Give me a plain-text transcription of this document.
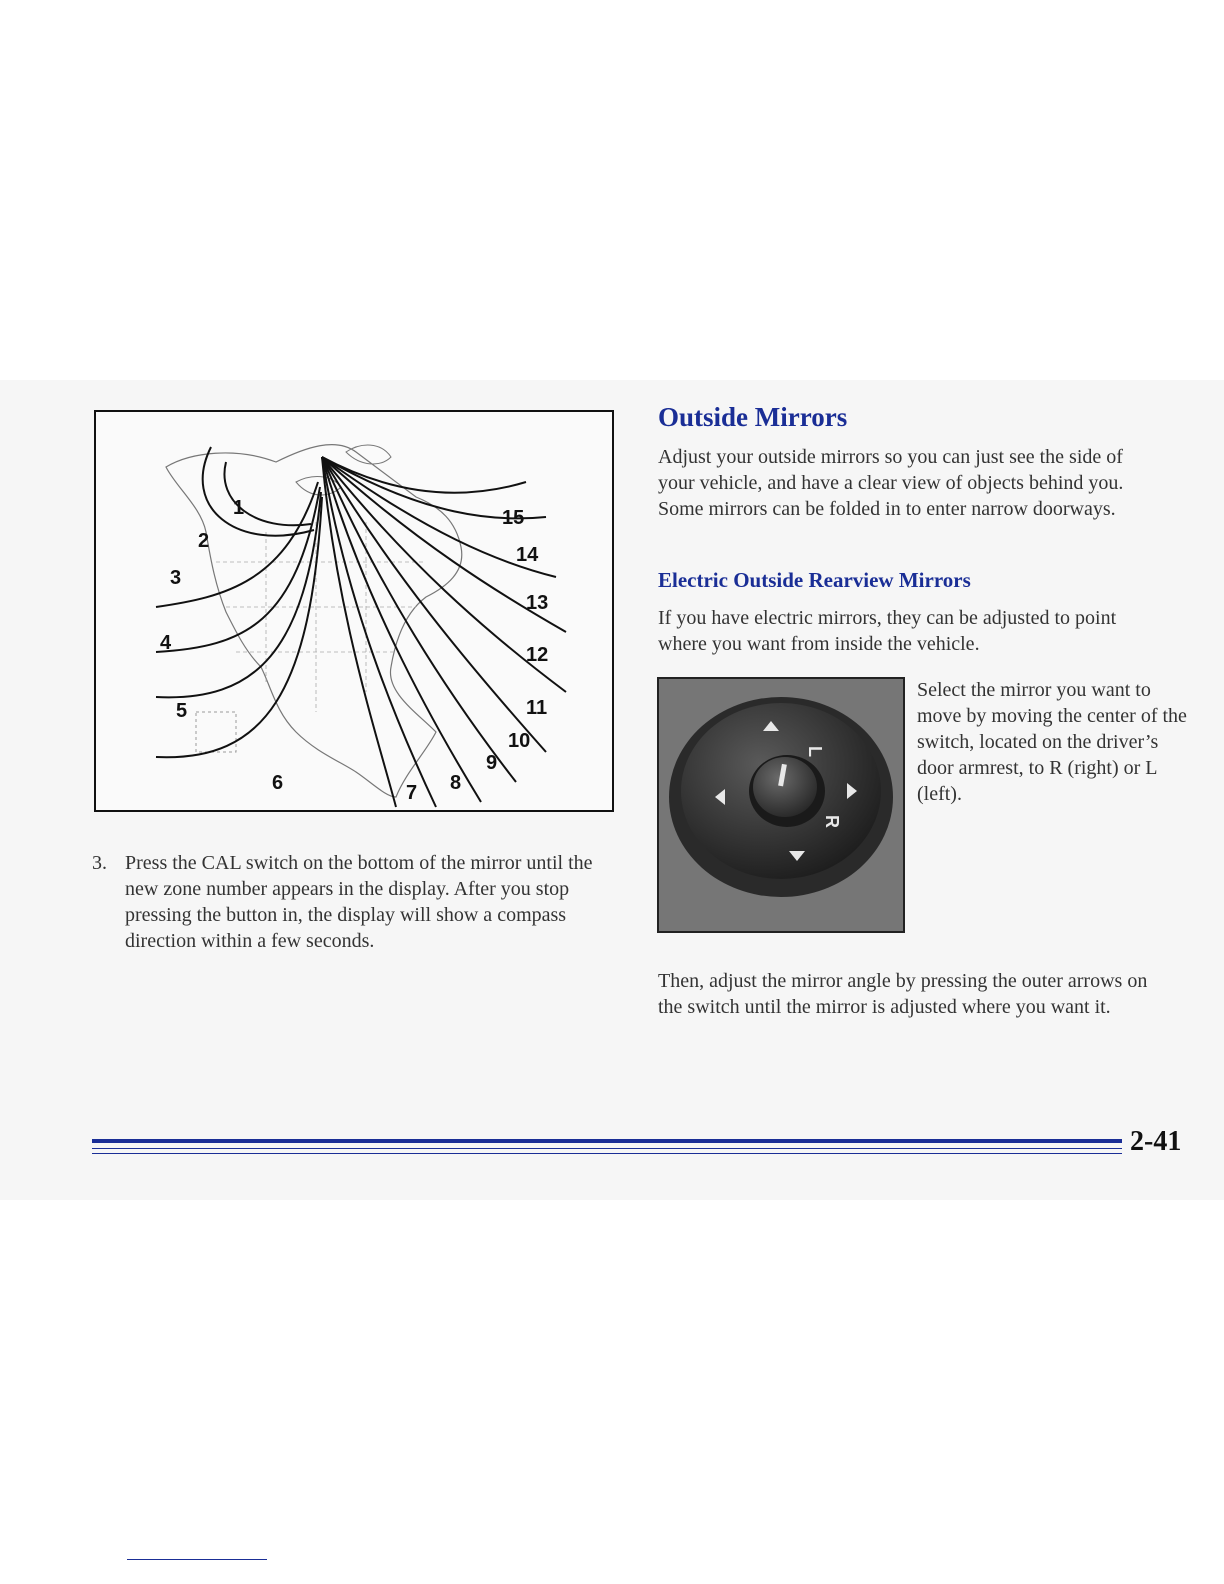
1
2
3
4
5
6	7 8
9
10
11
12
13
14
15
3. Press the CAL switch on the bottom of the mirror until the new zone number appears in the display. After you stop pressing the button in, the display will show a compass direction within a few seconds.
Outside Mirrors
Adjust your outside mirrors so you can just see the side of your vehicle, and have a clear view of objects behind you. Some mirrors can be folded in to enter narrow doorways.
Electric Outside Rearview Mirrors
If you have electric mirrors, they can be adjusted to point where you want from inside the vehicle.
L
R
Select the mirror you want to move by moving the center of the switch, located on the driver’s door armrest, to R (right) or L (left).
Then, adjust the mirror angle by pressing the outer arrows on the switch until the mirror is adjusted where you want it.
2-41
